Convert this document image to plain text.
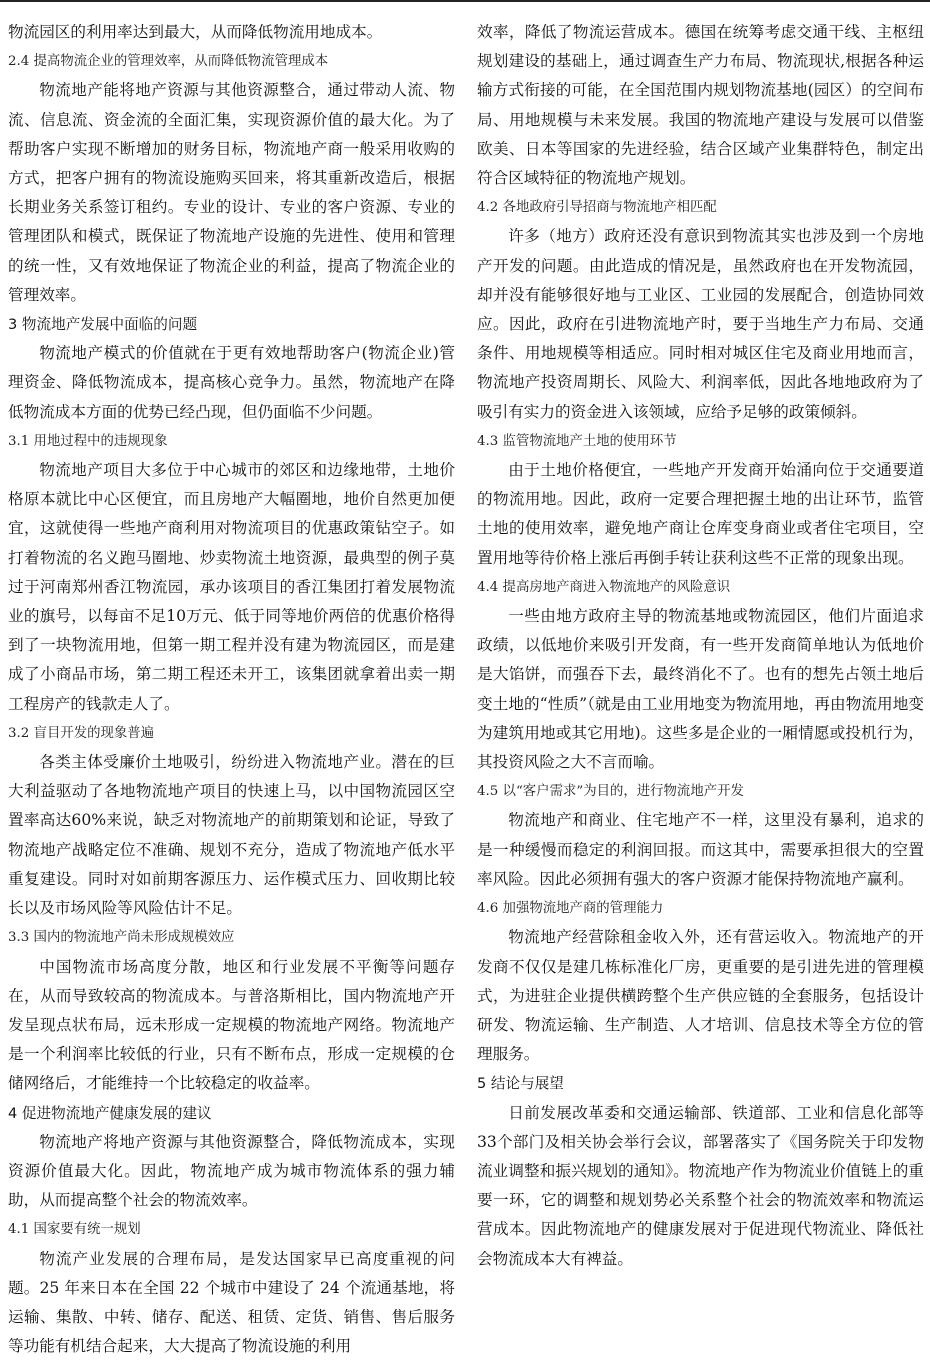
物流园区的利用率达到最大，从而降低物流用地成本。

2.4 提高物流企业的管理效率，从而降低物流管理成本

物流地产能将地产资源与其他资源整合，通过带动人流、物流、信息流、资金流的全面汇集，实现资源价值的最大化。为了帮助客户实现不断增加的财务目标，物流地产商一般采用收购的方式，把客户拥有的物流设施购买回来，将其重新改造后，根据长期业务关系签订租约。专业的设计、专业的客户资源、专业的管理团队和模式，既保证了物流地产设施的先进性、使用和管理的统一性，又有效地保证了物流企业的利益，提高了物流企业的管理效率。

3 物流地产发展中面临的问题

物流地产模式的价值就在于更有效地帮助客户(物流企业)管理资金、降低物流成本，提高核心竞争力。虽然，物流地产在降低物流成本方面的优势已经凸现，但仍面临不少问题。

3.1 用地过程中的违规现象

物流地产项目大多位于中心城市的郊区和边缘地带，土地价格原本就比中心区便宜，而且房地产大幅圈地，地价自然更加便宜，这就使得一些地产商利用对物流项目的优惠政策钻空子。如打着物流的名义跑马圈地、炒卖物流土地资源，最典型的例子莫过于河南郑州香江物流园，承办该项目的香江集团打着发展物流业的旗号，以每亩不足10万元、低于同等地价两倍的优惠价格得到了一块物流用地，但第一期工程并没有建为物流园区，而是建成了小商品市场，第二期工程还未开工，该集团就拿着出卖一期工程房产的钱款走人了。

3.2 盲目开发的现象普遍

各类主体受廉价土地吸引，纷纷进入物流地产业。潜在的巨大利益驱动了各地物流地产项目的快速上马，以中国物流园区空置率高达60%来说，缺乏对物流地产的前期策划和论证，导致了物流地产战略定位不准确、规划不充分，造成了物流地产低水平重复建设。同时对如前期客源压力、运作模式压力、回收期比较长以及市场风险等风险估计不足。

3.3 国内的物流地产尚未形成规模效应

中国物流市场高度分散，地区和行业发展不平衡等问题存在，从而导致较高的物流成本。与普洛斯相比，国内物流地产开发呈现点状布局，远未形成一定规模的物流地产网络。物流地产是一个利润率比较低的行业，只有不断布点，形成一定规模的仓储网络后，才能维持一个比较稳定的收益率。

4 促进物流地产健康发展的建议

物流地产将地产资源与其他资源整合，降低物流成本，实现资源价值最大化。因此，物流地产成为城市物流体系的强力辅助，从而提高整个社会的物流效率。

4.1 国家要有统一规划

物流产业发展的合理布局，是发达国家早已高度重视的问题。25 年来日本在全国 22 个城市中建设了 24 个流通基地，将运输、集散、中转、储存、配送、租赁、定货、销售、售后服务等功能有机结合起来，大大提高了物流设施的利用

效率，降低了物流运营成本。德国在统筹考虑交通干线、主枢纽规划建设的基础上，通过调查生产力布局、物流现状,根据各种运输方式衔接的可能，在全国范围内规划物流基地(园区）的空间布局、用地规模与未来发展。我国的物流地产建设与发展可以借鉴欧美、日本等国家的先进经验，结合区域产业集群特色，制定出符合区域特征的物流地产规划。

4.2 各地政府引导招商与物流地产相匹配

许多（地方）政府还没有意识到物流其实也涉及到一个房地产开发的问题。由此造成的情况是，虽然政府也在开发物流园，却并没有能够很好地与工业区、工业园的发展配合，创造协同效应。因此，政府在引进物流地产时，要于当地生产力布局、交通条件、用地规模等相适应。同时相对城区住宅及商业用地而言，物流地产投资周期长、风险大、利润率低，因此各地地政府为了吸引有实力的资金进入该领域，应给予足够的政策倾斜。

4.3 监管物流地产土地的使用环节

由于土地价格便宜，一些地产开发商开始涌向位于交通要道的物流用地。因此，政府一定要合理把握土地的出让环节，监管土地的使用效率，避免地产商让仓库变身商业或者住宅项目，空置用地等待价格上涨后再倒手转让获利这些不正常的现象出现。

4.4 提高房地产商进入物流地产的风险意识

一些由地方政府主导的物流基地或物流园区，他们片面追求政绩，以低地价来吸引开发商，有一些开发商简单地认为低地价是大馅饼，而强吞下去，最终消化不了。也有的想先占领土地后变土地的“性质”（就是由工业用地变为物流用地，再由物流用地变为建筑用地或其它用地)。这些多是企业的一厢情愿或投机行为，其投资风险之大不言而喻。

4.5 以“客户需求”为目的，进行物流地产开发

物流地产和商业、住宅地产不一样，这里没有暴利，追求的是一种缓慢而稳定的利润回报。而这其中，需要承担很大的空置率风险。因此必须拥有强大的客户资源才能保持物流地产赢利。

4.6 加强物流地产商的管理能力

物流地产经营除租金收入外，还有营运收入。物流地产的开发商不仅仅是建几栋标准化厂房，更重要的是引进先进的管理模式，为进驻企业提供横跨整个生产供应链的全套服务，包括设计研发、物流运输、生产制造、人才培训、信息技术等全方位的管理服务。

5 结论与展望

日前发展改革委和交通运输部、铁道部、工业和信息化部等33个部门及相关协会举行会议，部署落实了《国务院关于印发物流业调整和振兴规划的通知》。物流地产作为物流业价值链上的重要一环，它的调整和规划势必关系整个社会的物流效率和物流运营成本。因此物流地产的健康发展对于促进现代物流业、降低社会物流成本大有裨益。
